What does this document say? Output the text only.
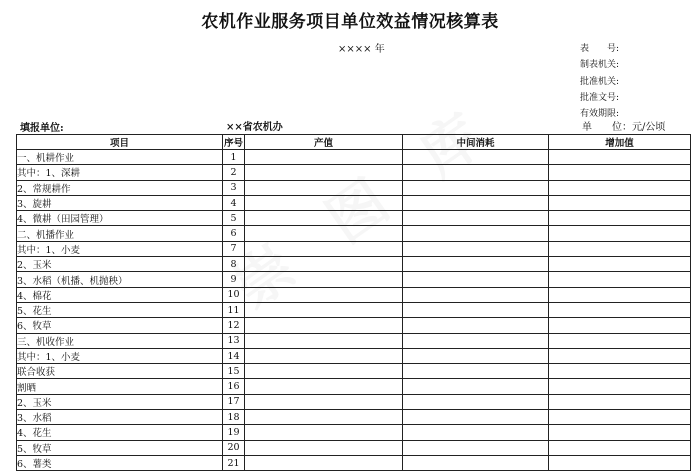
农机作业服务项目单位效益情况核算表
×××× 年	表　　号:
制表机关:
批准机关:
批准文号:
有效期限:
填报单位:	××省农机办	单　　位：元/公顷
项目	序号	产值	中间消耗	增加值
一、机耕作业	1			
其中：1、深耕	2			
2、常规耕作	3			
3、旋耕	4			
4、微耕（田园管理）	5			
二、机播作业	6			
其中：1、小麦	7			
2、玉米	8			
3、水稻（机播、机抛秧）	9			
4、棉花	10			
5、花生	11			
6、牧草	12			
三、机收作业	13			
其中：1、小麦	14			
联合收获	15			
割晒	16			
2、玉米	17			
3、水稻	18			
4、花生	19			
5、牧草	20			
6、薯类	21			
